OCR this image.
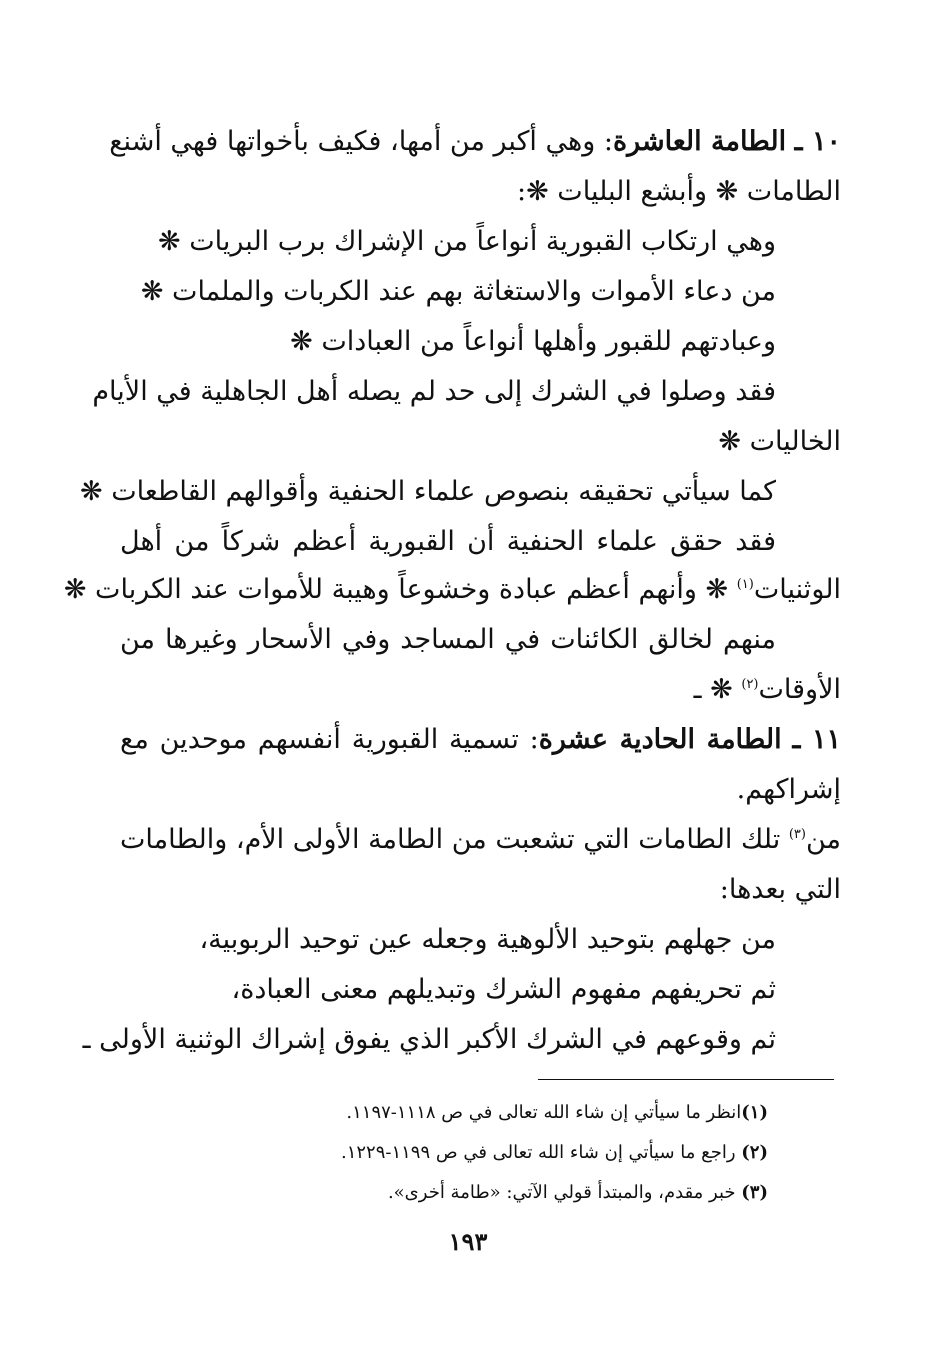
١٠ ـ الطامة العاشرة: وهي أكبر من أمها، فكيف بأخواتها فهي أشنع
الطامات ❋ وأبشع البليات ❋:
وهي ارتكاب القبورية أنواعاً من الإشراك برب البريات ❋
من دعاء الأموات والاستغاثة بهم عند الكربات والملمات ❋
وعبادتهم للقبور وأهلها أنواعاً من العبادات ❋
فقد وصلوا في الشرك إلى حد لم يصله أهل الجاهلية في الأيام
الخاليات ❋
كما سيأتي تحقيقه بنصوص علماء الحنفية وأقوالهم القاطعات ❋
فقد حقق علماء الحنفية أن القبورية أعظم شركاً من أهل
الوثنيات$^{(١)}$ ❋ وأنهم أعظم عبادة وخشوعاً وهيبة للأموات عند الكربات ❋
منهم لخالق الكائنات في المساجد وفي الأسحار وغيرها من
الأوقات$^{(٢)}$ ❋ ـ
١١ ـ الطامة الحادية عشرة: تسمية القبورية أنفسهم موحدين مع
إشراكهم.
من$^{(٣)}$ تلك الطامات التي تشعبت من الطامة الأولى الأم، والطامات
التي بعدها:
من جهلهم بتوحيد الألوهية وجعله عين توحيد الربوبية،
ثم تحريفهم مفهوم الشرك وتبديلهم معنى العبادة،
ثم وقوعهم في الشرك الأكبر الذي يفوق إشراك الوثنية الأولى ـ
(١)انظر ما سيأتي إن شاء الله تعالى في ص ١١١٨-١١٩٧.
(٢) راجع ما سيأتي إن شاء الله تعالى في ص ١١٩٩-١٢٢٩.
(٣) خبر مقدم، والمبتدأ قولي الآتي: «طامة أخرى».
١٩٣
